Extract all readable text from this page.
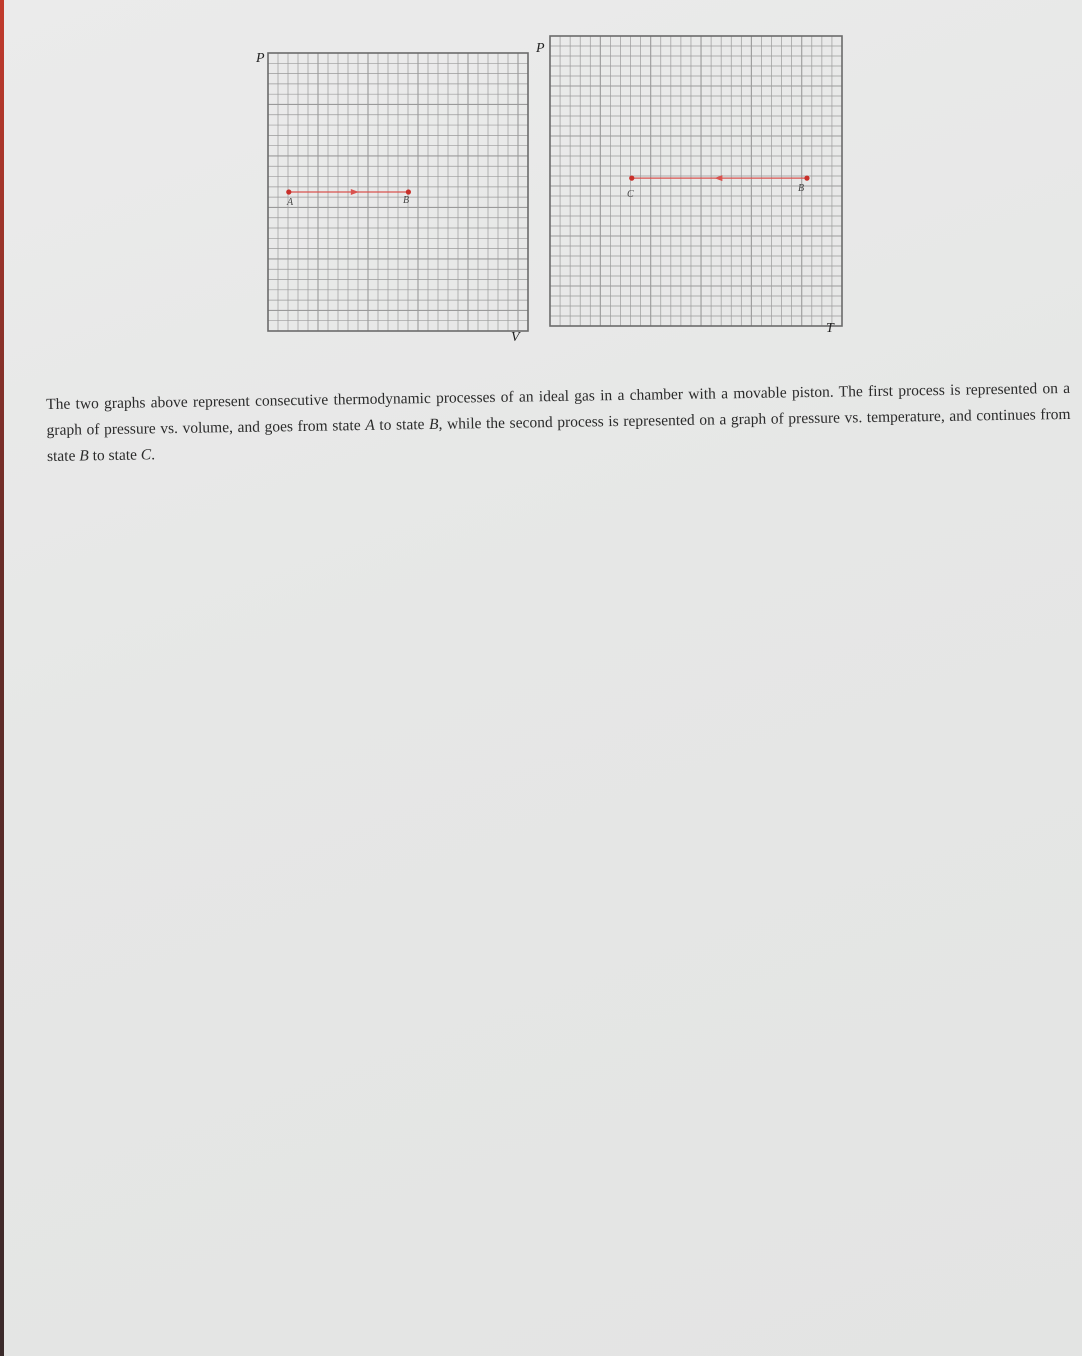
P
V
P
T
A	B
C
B

The two graphs above represent consecutive thermodynamic processes of an ideal gas in a chamber with a movable piston. The first process is represented on a graph of pressure vs. volume, and goes from state A to state B, while the second process is represented on a graph of pressure vs. temperature, and continues from state B to state C.
